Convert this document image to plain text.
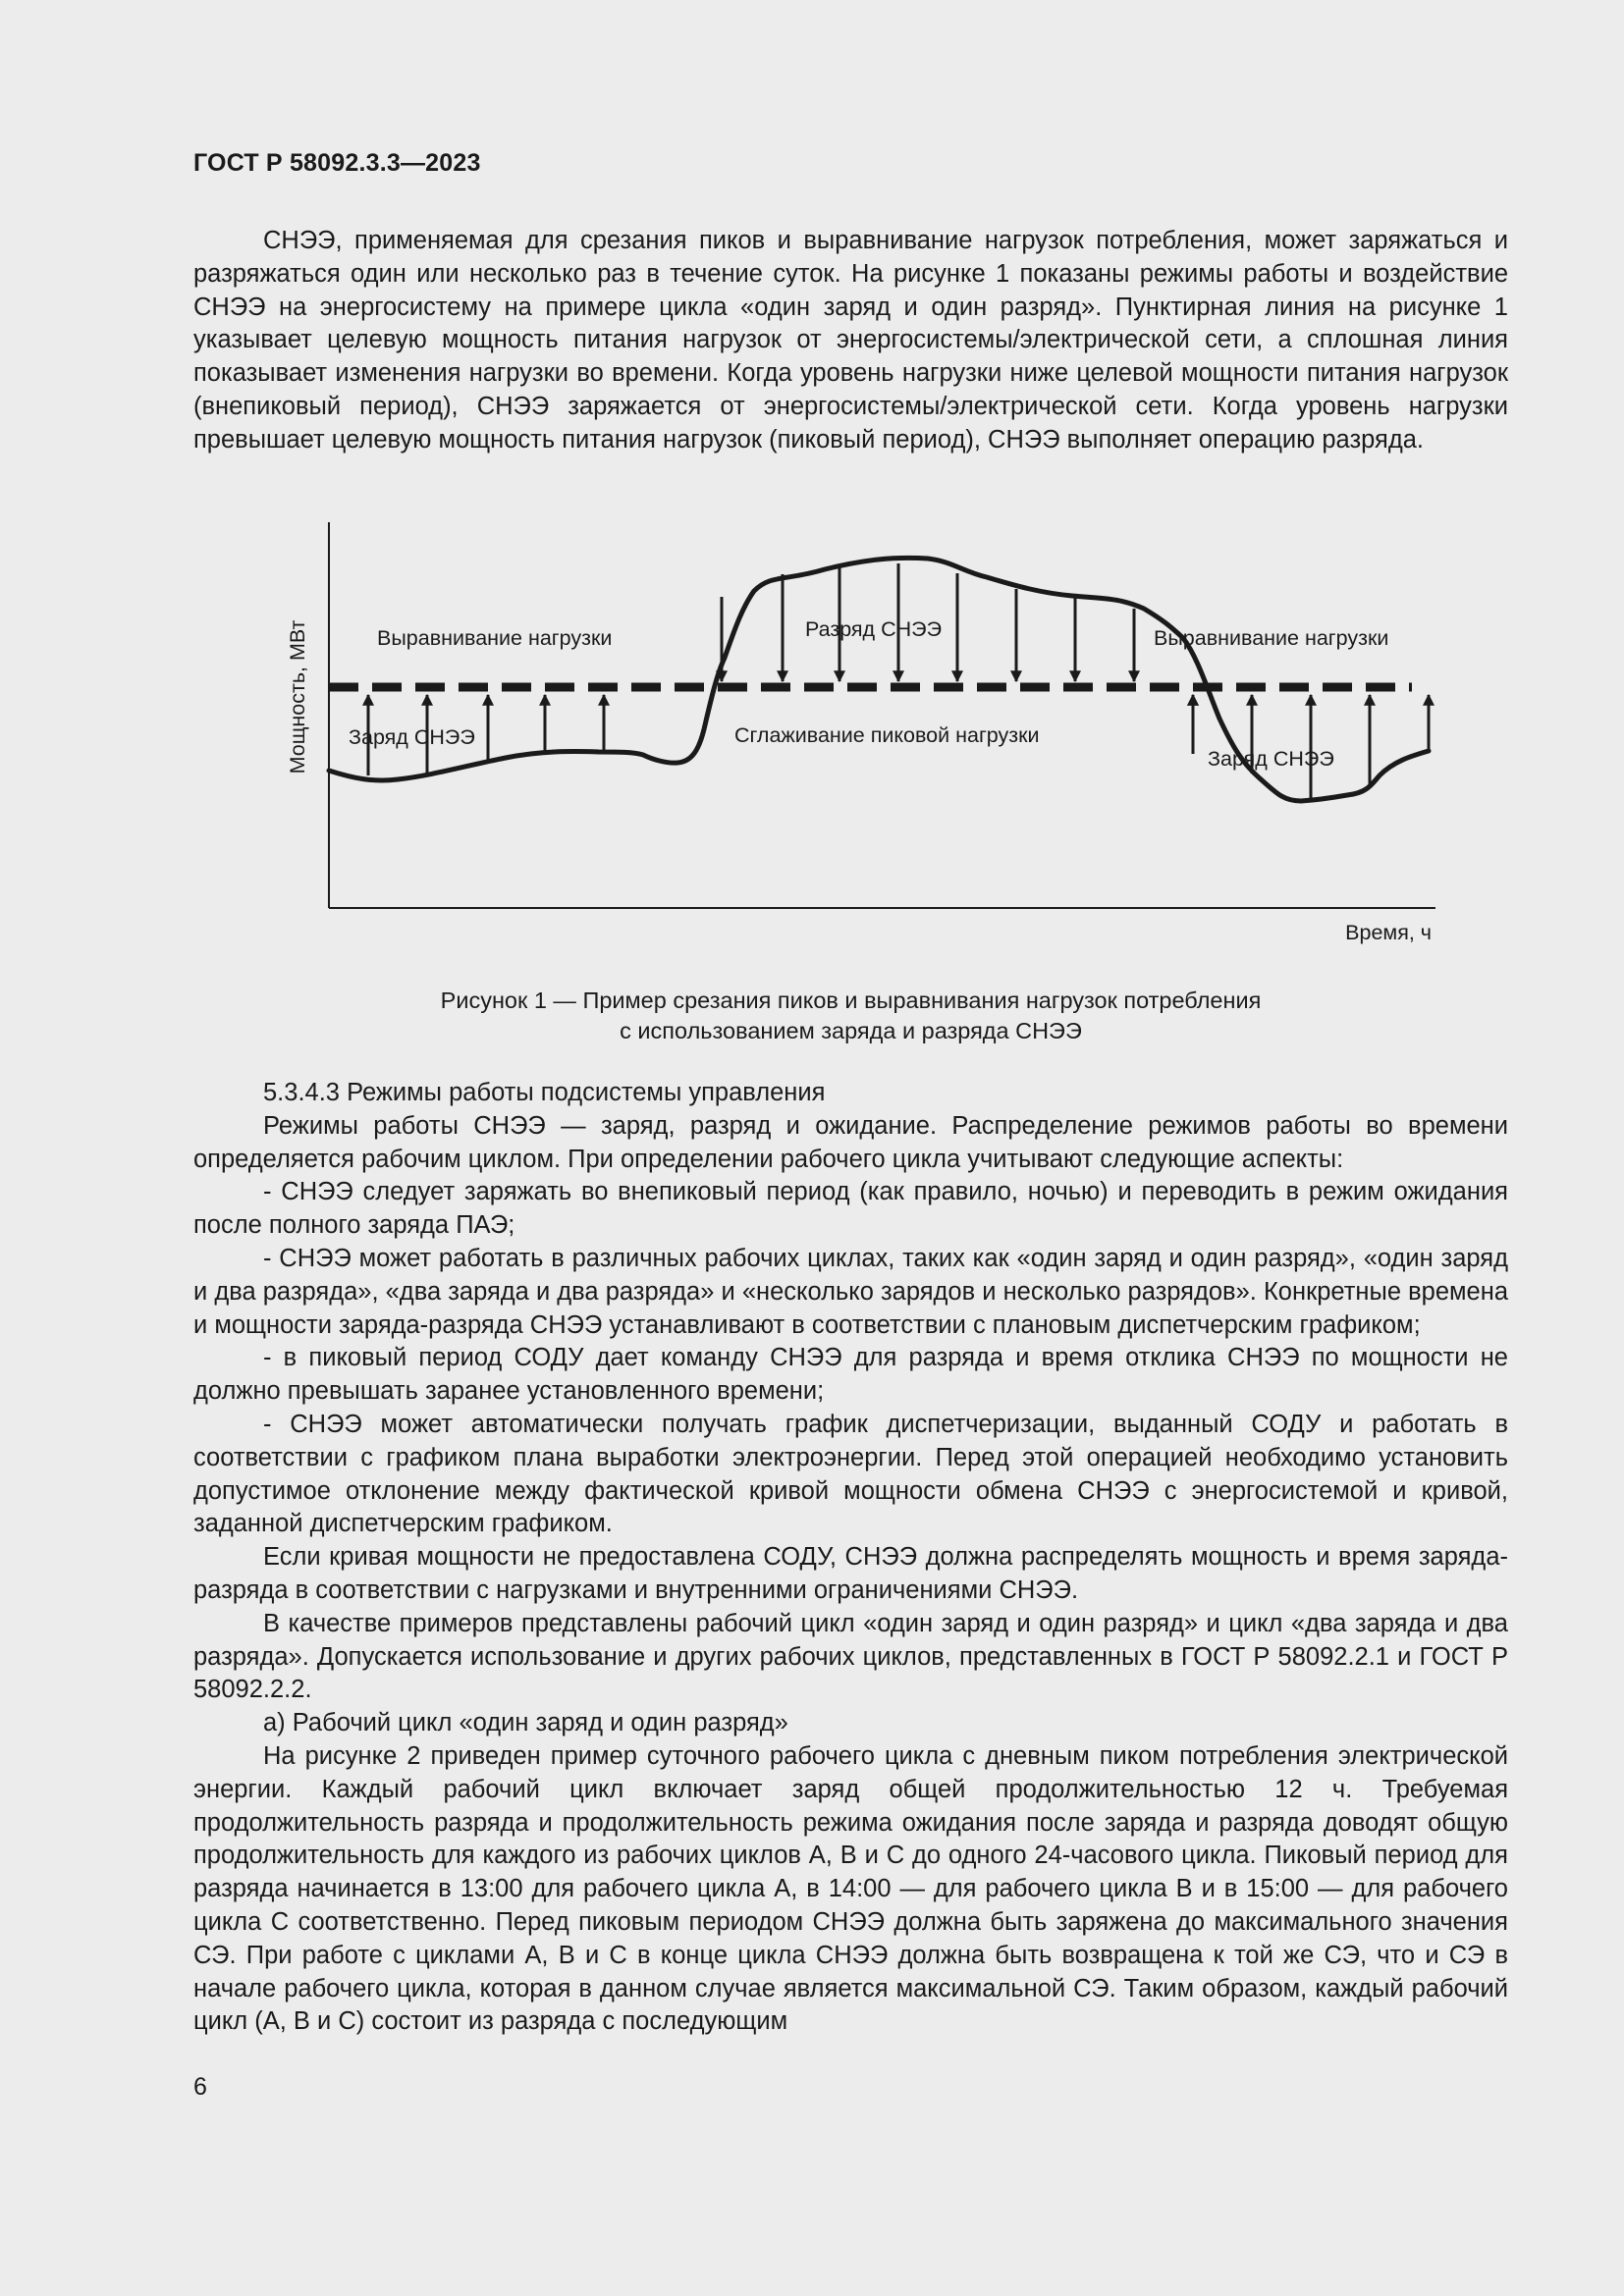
ГОСТ Р 58092.3.3—2023

СНЭЭ, применяемая для срезания пиков и выравнивание нагрузок потребления, может заряжаться и разряжаться один или несколько раз в течение суток. На рисунке 1 показаны режимы работы и воздействие СНЭЭ на энергосистему на примере цикла «один заряд и один разряд». Пунктирная линия на рисунке 1 указывает целевую мощность питания нагрузок от энергосистемы/электрической сети, а сплошная линия показывает изменения нагрузки во времени. Когда уровень нагрузки ниже целевой мощности питания нагрузок (внепиковый период), СНЭЭ заряжается от энергосистемы/электрической сети. Когда уровень нагрузки превышает целевую мощность питания нагрузок (пиковый период), СНЭЭ выполняет операцию разряда.

Выравнивание нагрузки
Заряд СНЭЭ
Разряд СНЭЭ
Сглаживание пиковой нагрузки
Выравнивание нагрузки
Заряд СНЭЭ
Мощность, МВт
Время, ч
Рисунок 1 — Пример срезания пиков и выравнивания нагрузок потребления
с использованием заряда и разряда СНЭЭ

5.3.4.3 Режимы работы подсистемы управления

Режимы работы СНЭЭ — заряд, разряд и ожидание. Распределение режимов работы во времени определяется рабочим циклом. При определении рабочего цикла учитывают следующие аспекты:

- СНЭЭ следует заряжать во внепиковый период (как правило, ночью) и переводить в режим ожидания после полного заряда ПАЭ;

- СНЭЭ может работать в различных рабочих циклах, таких как «один заряд и один разряд», «один заряд и два разряда», «два заряда и два разряда» и «несколько зарядов и несколько разрядов». Конкретные времена и мощности заряда-разряда СНЭЭ устанавливают в соответствии с плановым диспетчерским графиком;

- в пиковый период СОДУ дает команду СНЭЭ для разряда и время отклика СНЭЭ по мощности не должно превышать заранее установленного времени;

- СНЭЭ может автоматически получать график диспетчеризации, выданный СОДУ и работать в соответствии с графиком плана выработки электроэнергии. Перед этой операцией необходимо установить допустимое отклонение между фактической кривой мощности обмена СНЭЭ с энергосистемой и кривой, заданной диспетчерским графиком.

Если кривая мощности не предоставлена СОДУ, СНЭЭ должна распределять мощность и время заряда-разряда в соответствии с нагрузками и внутренними ограничениями СНЭЭ.

В качестве примеров представлены рабочий цикл «один заряд и один разряд» и цикл «два заряда и два разряда». Допускается использование и других рабочих циклов, представленных в ГОСТ Р 58092.2.1 и ГОСТ Р 58092.2.2.

а) Рабочий цикл «один заряд и один разряд»

На рисунке 2 приведен пример суточного рабочего цикла с дневным пиком потребления электрической энергии. Каждый рабочий цикл включает заряд общей продолжительностью 12 ч. Требуемая продолжительность разряда и продолжительность режима ожидания после заряда и разряда доводят общую продолжительность для каждого из рабочих циклов A, B и C до одного 24-часового цикла. Пиковый период для разряда начинается в 13:00 для рабочего цикла A, в 14:00 — для рабочего цикла B и в 15:00 — для рабочего цикла C соответственно. Перед пиковым периодом СНЭЭ должна быть заряжена до максимального значения СЭ. При работе с циклами A, B и C в конце цикла СНЭЭ должна быть возвращена к той же СЭ, что и СЭ в начале рабочего цикла, которая в данном случае является максимальной СЭ. Таким образом, каждый рабочий цикл (A, B и C) состоит из разряда с последующим

6
